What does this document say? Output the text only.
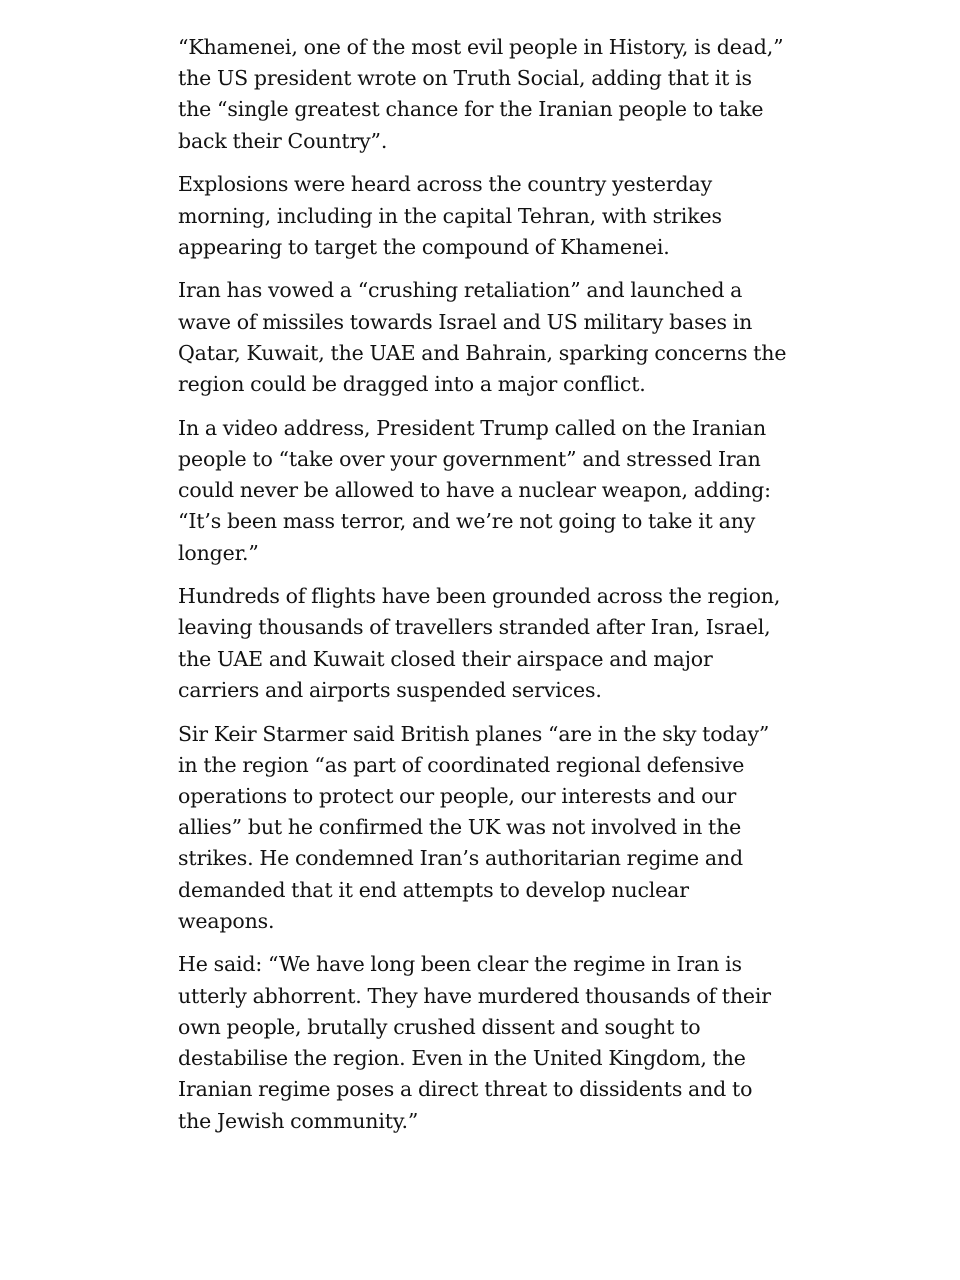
“Khamenei, one of the most evil people in History, is dead,” the US president wrote on Truth Social, adding that it is the “single greatest chance for the Iranian people to take back their Country”.

Explosions were heard across the country yesterday morning, including in the capital Tehran, with strikes appearing to target the compound of Khamenei.

Iran has vowed a “crushing retaliation” and launched a wave of missiles towards Israel and US military bases in Qatar, Kuwait, the UAE and Bahrain, sparking concerns the region could be dragged into a major conflict.

In a video address, President Trump called on the Iranian people to “take over your government” and stressed Iran could never be allowed to have a nuclear weapon, adding: “It’s been mass terror, and we’re not going to take it any longer.”

Hundreds of flights have been grounded across the region, leaving thousands of travellers stranded after Iran, Israel, the UAE and Kuwait closed their airspace and major carriers and airports suspended services.

Sir Keir Starmer said British planes “are in the sky today” in the region “as part of coordinated regional defensive operations to protect our people, our interests and our allies” but he confirmed the UK was not involved in the strikes. He condemned Iran’s authoritarian regime and demanded that it end attempts to develop nuclear weapons.

He said: “We have long been clear the regime in Iran is utterly abhorrent. They have murdered thousands of their own people, brutally crushed dissent and sought to destabilise the region. Even in the United Kingdom, the Iranian regime poses a direct threat to dissidents and to the Jewish community.”
